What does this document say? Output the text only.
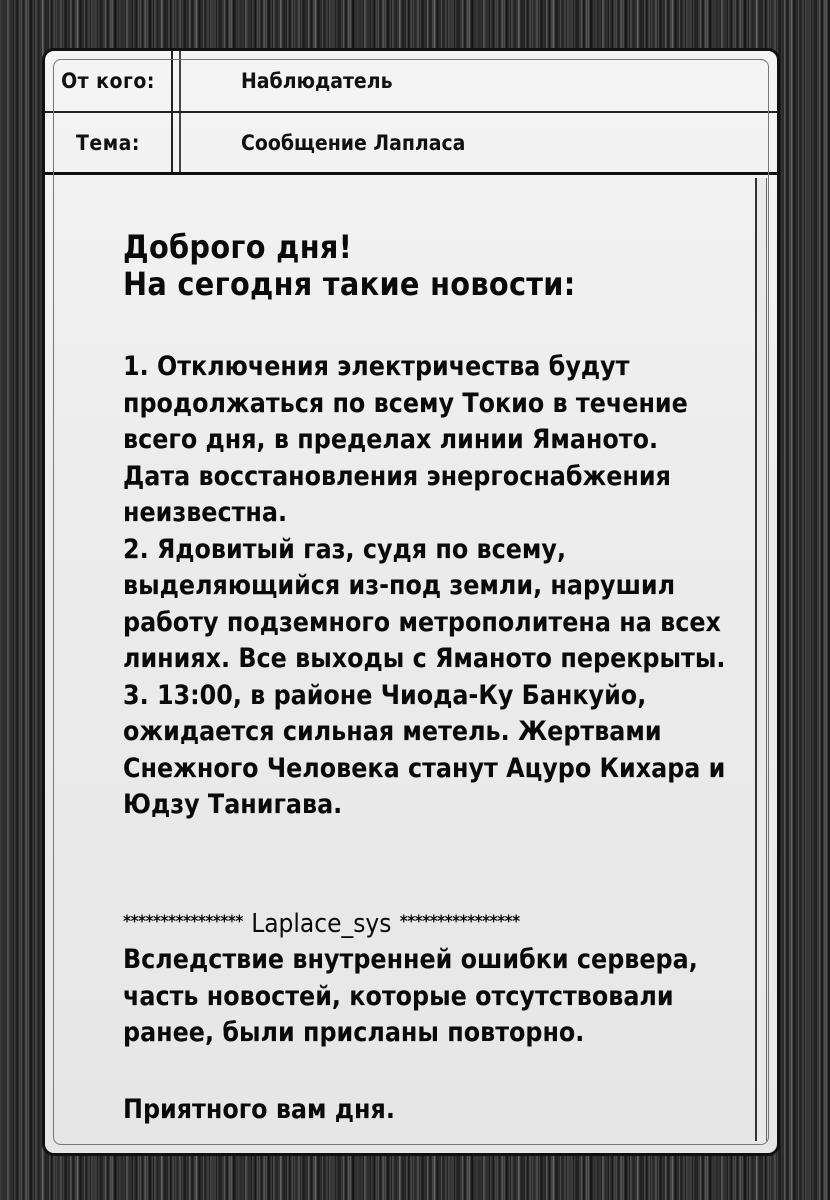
От кого:	Наблюдатель
Тема:	Сообщение Лапласа
Доброго дня!
На сегодня такие новости:
1. Отключения электричества будут продолжаться по всему Токио в течение всего дня, в пределах линии Яманото. Дата восстановления энергоснабжения неизвестна.
2. Ядовитый газ, судя по всему, выделяющийся из-под земли, нарушил работу подземного метрополитена на всех линиях. Все выходы с Яманото перекрыты.
3. 13:00, в районе Чиода-Ку Банкуйо, ожидается сильная метель. Жертвами Снежного Человека станут Ацуро Кихара и Юдзу Танигава.
**************** Laplace_sys ****************
Вследствие внутренней ошибки сервера, часть новостей, которые отсутствовали ранее, были присланы повторно.
Приятного вам дня.
